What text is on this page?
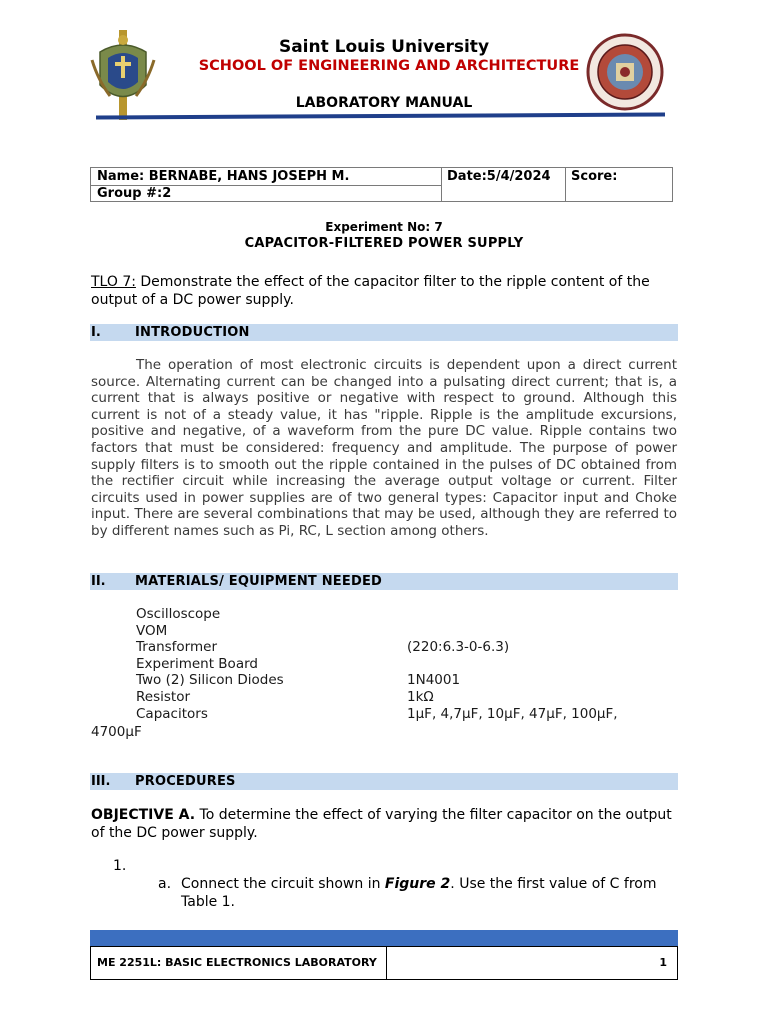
Saint Louis University
SCHOOL OF ENGINEERING AND ARCHITECTURE
LABORATORY MANUAL
Name: BERNABE, HANS JOSEPH M.
Group #:2
Date:5/4/2024 Score:
Experiment No: 7
CAPACITOR-FILTERED POWER SUPPLY
TLO 7: Demonstrate the effect of the capacitor filter to the ripple content of the output of a DC power supply.
I.	INTRODUCTION
The operation of most electronic circuits is dependent upon a direct current source. Alternating current can be changed into a pulsating direct current; that is, a current that is always positive or negative with respect to ground. Although this current is not of a steady value, it has "ripple. Ripple is the amplitude excursions, positive and negative, of a waveform from the pure DC value. Ripple contains two factors that must be considered: frequency and amplitude. The purpose of power supply filters is to smooth out the ripple contained in the pulses of DC obtained from the rectifier circuit while increasing the average output voltage or current. Filter circuits used in power supplies are of two general types: Capacitor input and Choke input. There are several combinations that may be used, although they are referred to by different names such as Pi, RC, L section among others.
II. MATERIALS/ EQUIPMENT NEEDED
Oscilloscope
VOM
Transformer	(220:6.3-0-6.3)
Experiment Board
Two (2) Silicon Diodes	1N4001
Resistor	1kΩ
Capacitors	1μF, 4,7μF, 10μF, 47μF, 100μF,
4700μF
III. PROCEDURES
OBJECTIVE A. To determine the effect of varying the filter capacitor on the output of the DC power supply.
1.
a. Connect the circuit shown in Figure 2. Use the first value of C from
Table 1.
ME 2251L: BASIC ELECTRONICS LABORATORY	1
